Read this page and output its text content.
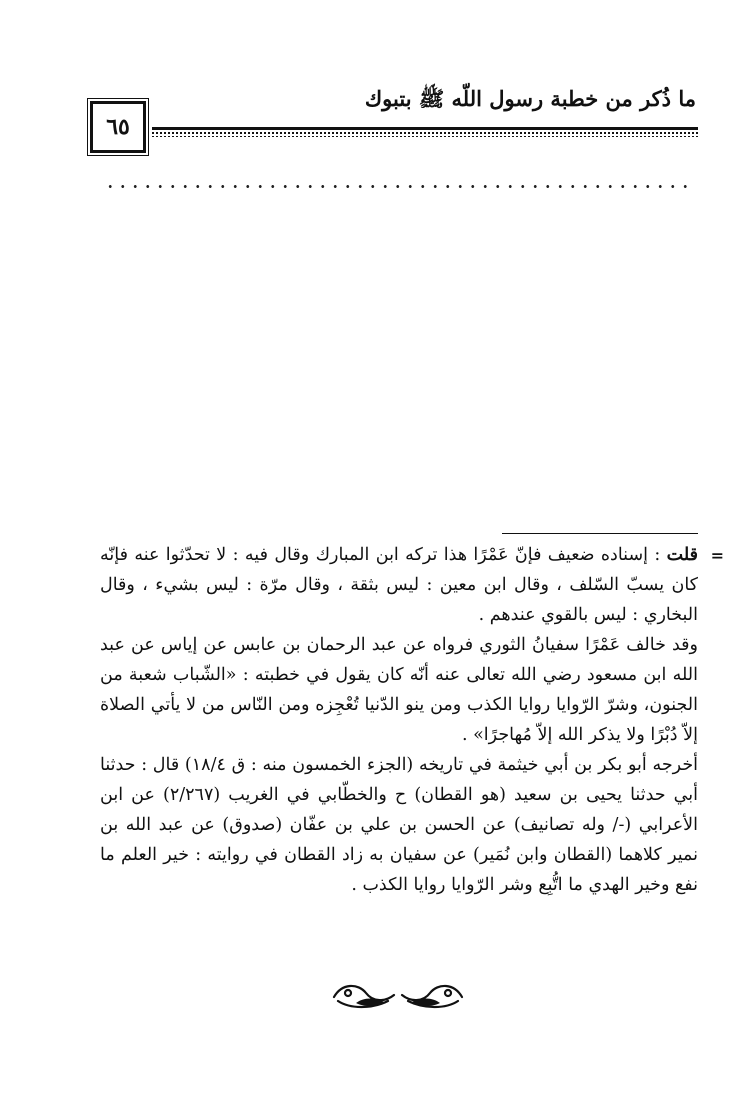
٦٥
ما ذُكر من خطبة رسول اللّه ﷺ بتبوك
=

قلت : إسناده ضعيف فإنّ عَمْرًا هذا تركه ابن المبارك وقال فيه : لا تحدّثوا عنه فإنّه كان يسبّ السّلف ، وقال ابن معين : ليس بثقة ، وقال مرّة : ليس بشيء ، وقال البخاري : ليس بالقوي عندهم .

وقد خالف عَمْرًا سفيانُ الثوري فرواه عن عبد الرحمان بن عابس عن إياس عن عبد الله ابن مسعود رضي الله تعالى عنه أنّه كان يقول في خطبته : «الشّباب شعبة من الجنون، وشرّ الرّوايا روايا الكذب ومن ينو الدّنيا تُعْجِزه ومن النّاس من لا يأتي الصلاة إلاّ دُبْرًا ولا يذكر الله إلاّ مُهاجرًا» .

أخرجه أبو بكر بن أبي خيثمة في تاريخه (الجزء الخمسون منه : ق ١٨/٤) قال : حدثنا أبي حدثنا يحيى بن سعيد (هو القطان) ح والخطّابي في الغريب (٢/٢٦٧) عن ابن الأعرابي (-/ وله تصانيف) عن الحسن بن علي بن عفّان (صدوق) عن عبد الله بن نمير كلاهما (القطان وابن نُمَير) عن سفيان به زاد القطان في روايته : خير العلم ما نفع وخير الهدي ما اتُّبِع وشر الرّوايا روايا الكذب .
